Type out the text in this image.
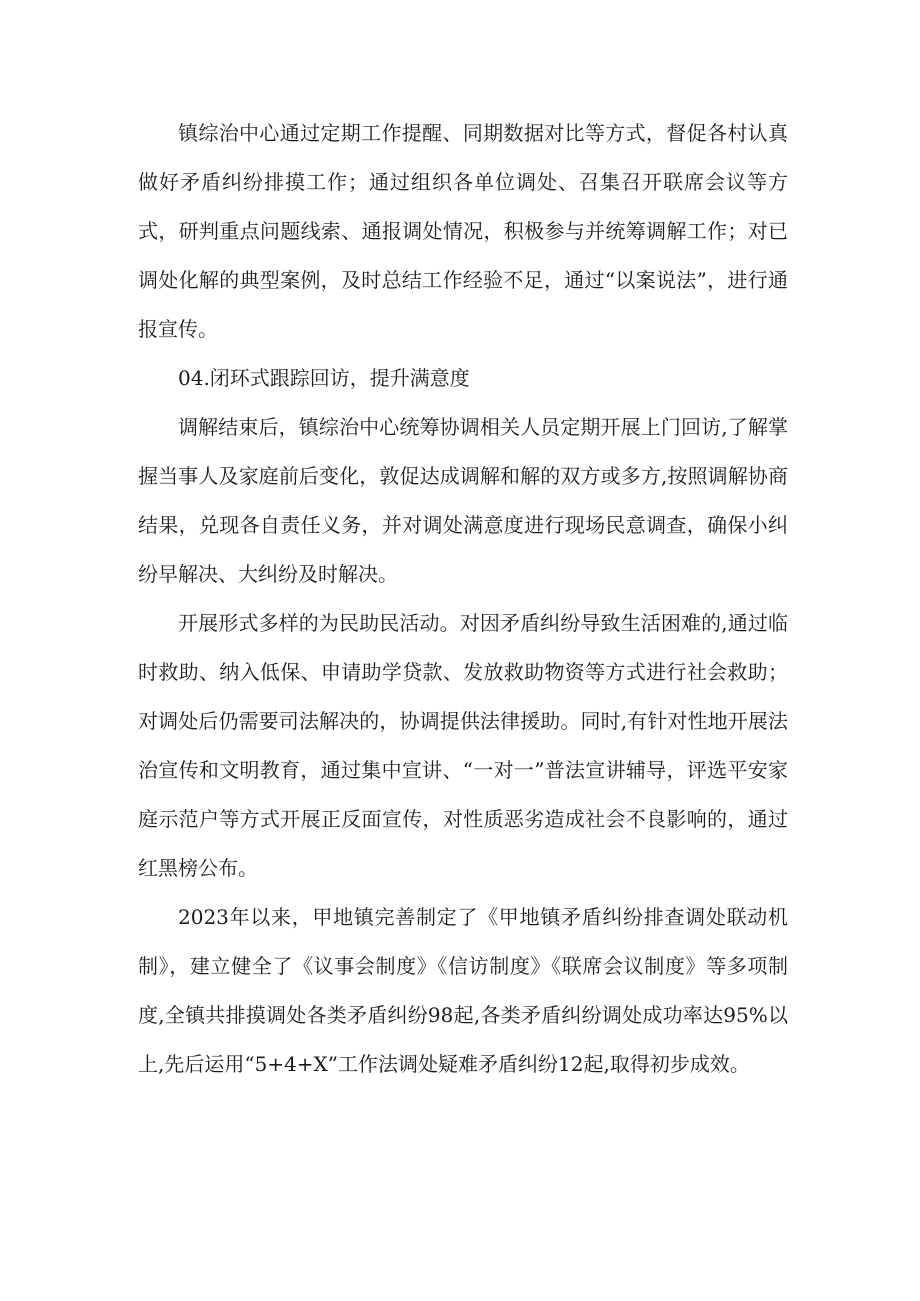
镇综治中心通过定期工作提醒、同期数据对比等方式，督促各村认真做好矛盾纠纷排摸工作；通过组织各单位调处、召集召开联席会议等方式，研判重点问题线索、通报调处情况，积极参与并统筹调解工作；对已调处化解的典型案例，及时总结工作经验不足，通过“以案说法”，进行通报宣传。

04.闭环式跟踪回访，提升满意度

调解结束后，镇综治中心统筹协调相关人员定期开展上门回访,了解掌握当事人及家庭前后变化，敦促达成调解和解的双方或多方,按照调解协商结果，兑现各自责任义务，并对调处满意度进行现场民意调查，确保小纠纷早解决、大纠纷及时解决。

开展形式多样的为民助民活动。对因矛盾纠纷导致生活困难的,通过临时救助、纳入低保、申请助学贷款、发放救助物资等方式进行社会救助；对调处后仍需要司法解决的，协调提供法律援助。同时,有针对性地开展法治宣传和文明教育，通过集中宣讲、“一对一”普法宣讲辅导，评选平安家庭示范户等方式开展正反面宣传，对性质恶劣造成社会不良影响的，通过红黑榜公布。

2023年以来，甲地镇完善制定了《甲地镇矛盾纠纷排查调处联动机制》，建立健全了《议事会制度》《信访制度》《联席会议制度》等多项制度,全镇共排摸调处各类矛盾纠纷98起,各类矛盾纠纷调处成功率达95%以上,先后运用“5+4+X”工作法调处疑难矛盾纠纷12起,取得初步成效。
